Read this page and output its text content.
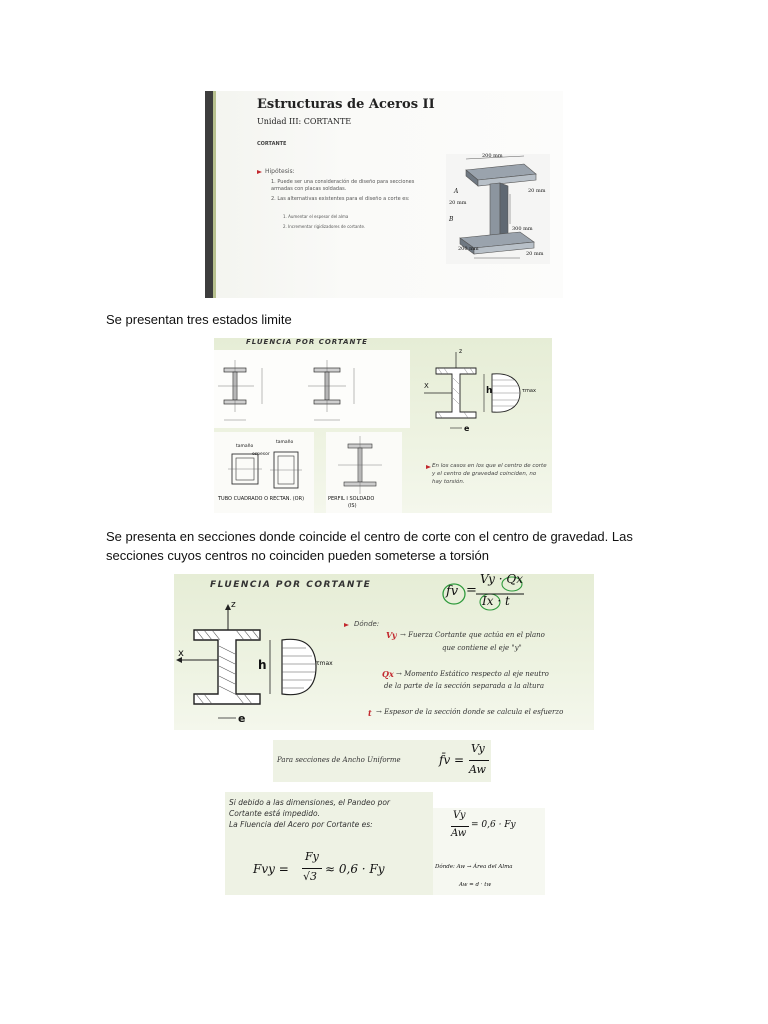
Estructuras de Aceros II
Unidad III: CORTANTE
CORTANTE
Hipótesis:
1. Puede ser una consideración de diseño para secciones armadas con placas soldadas.
2. Las alternativas existentes para el diseño a corte es:
1. Aumentar el espesor del alma
2. Incrementar rigidizadores de cortante.
200 mm
20 mm
20 mm
300 mm
200 mm
20 mm
A
B
Se presentan tres estados limite
FLUENCIA POR CORTANTE
h
e
X
z
τmax
tamaño
tamaño
espesor
TUBO CUADRADO O RECTAN. (OR)	PERFIL I SOLDADO
(IS)
En los casos en los que el centro de corte y el centro de gravedad coinciden, no hay torsión.
Se presenta en secciones donde coincide el centro de corte con el centro de gravedad. Las secciones cuyos centros no coinciden pueden someterse a torsión
FLUENCIA POR CORTANTE	fv =
Vy · Qx
Ix · t
h
e
x
z
τmax
Dónde:
Vy → Fuerza Cortante que actúa en el plano
que contiene el eje "y"
Qx → Momento Estático respecto al eje neutro
de la parte de la sección separada a la altura
t → Espesor de la sección donde se calcula el esfuerzo
Para secciones de Ancho Uniforme	f̄v =
Vy
Aw
Si debido a las dimensiones, el Pandeo por
Cortante está impedido.
La Fluencia del Acero por Cortante es:
Fvy =
Fy
√3
≈ 0,6 · Fy
Vy
Aw
= 0,6 · Fy
Dónde: Aw → Área del Alma
Aw = d · tw
